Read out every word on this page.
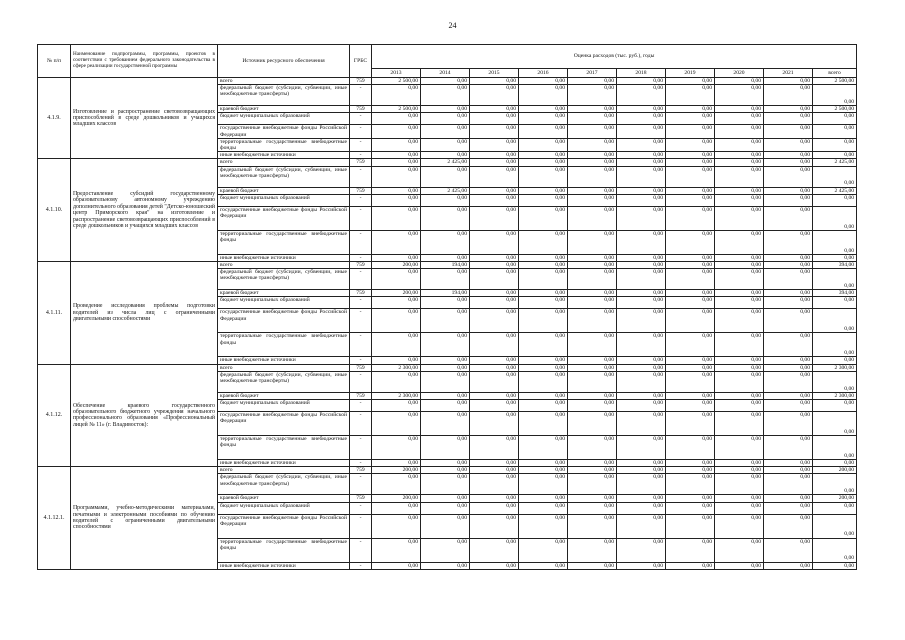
24
№ п/п	Наименование подпрограммы, программы, проектов в соответствии с требованием федерального законодательства в сфере реализации государственной программы	Источник ресурсного обеспечения	ГРБС	Оценка расходов (тыс. руб.), годы									
				2013	2014	2015	2016	2017	2018	2019	2020	2021	всего
4.1.9.	Изготовление и распространение световозвращающих приспособлений в среде дошкольников и учащихся младших классов	всего	759	2 500,00	0,00	0,00	0,00	0,00	0,00	0,00	0,00	0,00	2 500,00
		федеральный бюджет (субсидии, субвенции, иные межбюджетные трансферты)	-	0,00	0,00	0,00	0,00	0,00	0,00	0,00	0,00	0,00	0,00
		краевой бюджет	759	2 500,00	0,00	0,00	0,00	0,00	0,00	0,00	0,00	0,00	2 500,00
		бюджет муниципальных образований	-	0,00	0,00	0,00	0,00	0,00	0,00	0,00	0,00	0,00	0,00
		государственные внебюджетные фонды Российской Федерации	-	0,00	0,00	0,00	0,00	0,00	0,00	0,00	0,00	0,00	0,00
		территориальные государственные внебюджетные фонды	-	0,00	0,00	0,00	0,00	0,00	0,00	0,00	0,00	0,00	0,00
		иные внебюджетные источники	-	0,00	0,00	0,00	0,00	0,00	0,00	0,00	0,00	0,00	0,00
4.1.10.	Предоставление субсидий государственному образовательному автономному учреждению дополнительного образования детей "Детско-юношеский центр Приморского края" на изготовление и распространение световозвращающих приспособлений в среде дошкольников и учащихся младших классов	всего	759	0,00	2 425,00	0,00	0,00	0,00	0,00	0,00	0,00	0,00	2 425,00
		федеральный бюджет (субсидии, субвенции, иные межбюджетные трансферты)	-	0,00	0,00	0,00	0,00	0,00	0,00	0,00	0,00	0,00	0,00
		краевой бюджет	759	0,00	2 425,00	0,00	0,00	0,00	0,00	0,00	0,00	0,00	2 425,00
		бюджет муниципальных образований	-	0,00	0,00	0,00	0,00	0,00	0,00	0,00	0,00	0,00	0,00
		государственные внебюджетные фонды Российской Федерации	-	0,00	0,00	0,00	0,00	0,00	0,00	0,00	0,00	0,00	0,00
		территориальные государственные внебюджетные фонды	-	0,00	0,00	0,00	0,00	0,00	0,00	0,00	0,00	0,00	0,00
		иные внебюджетные источники	-	0,00	0,00	0,00	0,00	0,00	0,00	0,00	0,00	0,00	0,00
4.1.11.	Проведение исследования проблемы подготовки водителей из числа лиц с ограниченными двигательными способностями	всего	759	200,00	194,00	0,00	0,00	0,00	0,00	0,00	0,00	0,00	394,00
		федеральный бюджет (субсидии, субвенции, иные межбюджетные трансферты)	-	0,00	0,00	0,00	0,00	0,00	0,00	0,00	0,00	0,00	0,00
		краевой бюджет	759	200,00	194,00	0,00	0,00	0,00	0,00	0,00	0,00	0,00	394,00
		бюджет муниципальных образований	-	0,00	0,00	0,00	0,00	0,00	0,00	0,00	0,00	0,00	0,00
		государственные внебюджетные фонды Российской Федерации	-	0,00	0,00	0,00	0,00	0,00	0,00	0,00	0,00	0,00	0,00
		территориальные государственные внебюджетные фонды	-	0,00	0,00	0,00	0,00	0,00	0,00	0,00	0,00	0,00	0,00
		иные внебюджетные источники	-	0,00	0,00	0,00	0,00	0,00	0,00	0,00	0,00	0,00	0,00
4.1.12.	Обеспечение краевого государственного образовательного бюджетного учреждения начального профессионального образования «Профессиональный лицей № 11» (г. Владивосток):	всего	759	2 300,00	0,00	0,00	0,00	0,00	0,00	0,00	0,00	0,00	2 300,00
		федеральный бюджет (субсидии, субвенции, иные межбюджетные трансферты)	-	0,00	0,00	0,00	0,00	0,00	0,00	0,00	0,00	0,00	0,00
		краевой бюджет	759	2 300,00	0,00	0,00	0,00	0,00	0,00	0,00	0,00	0,00	2 300,00
		бюджет муниципальных образований	-	0,00	0,00	0,00	0,00	0,00	0,00	0,00	0,00	0,00	0,00
		государственные внебюджетные фонды Российской Федерации	-	0,00	0,00	0,00	0,00	0,00	0,00	0,00	0,00	0,00	0,00
		территориальные государственные внебюджетные фонды	-	0,00	0,00	0,00	0,00	0,00	0,00	0,00	0,00	0,00	0,00
		иные внебюджетные источники	-	0,00	0,00	0,00	0,00	0,00	0,00	0,00	0,00	0,00	0,00
4.1.12.1.	Программами, учебно-методическими материалами, печатными и электронными пособиями по обучению водителей с ограниченными двигательными способностями	всего	759	200,00	0,00	0,00	0,00	0,00	0,00	0,00	0,00	0,00	200,00
		федеральный бюджет (субсидии, субвенции, иные межбюджетные трансферты)	-	0,00	0,00	0,00	0,00	0,00	0,00	0,00	0,00	0,00	0,00
		краевой бюджет	759	200,00	0,00	0,00	0,00	0,00	0,00	0,00	0,00	0,00	200,00
		бюджет муниципальных образований	-	0,00	0,00	0,00	0,00	0,00	0,00	0,00	0,00	0,00	0,00
		государственные внебюджетные фонды Российской Федерации	-	0,00	0,00	0,00	0,00	0,00	0,00	0,00	0,00	0,00	0,00
		территориальные государственные внебюджетные фонды	-	0,00	0,00	0,00	0,00	0,00	0,00	0,00	0,00	0,00	0,00
		иные внебюджетные источники	-	0,00	0,00	0,00	0,00	0,00	0,00	0,00	0,00	0,00	0,00
